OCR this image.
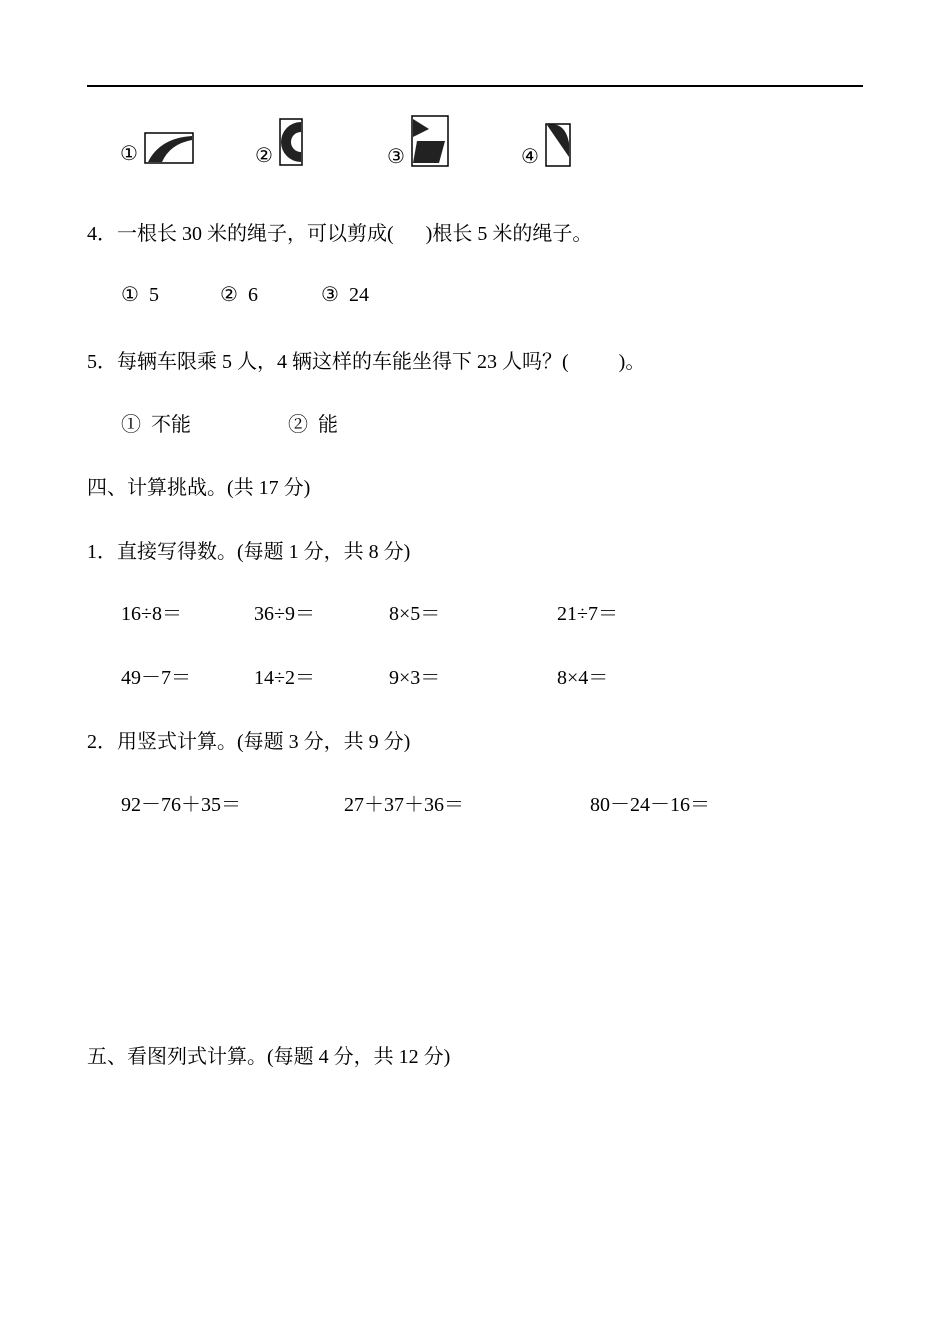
①	②	③	④
4．一根长 30 米的绳子，可以剪成( )根长 5 米的绳子。
① 5	② 6	③ 24
5．每辆车限乘 5 人，4 辆这样的车能坐得下 23 人吗？(	)。
① 不能	② 能
四、计算挑战。(共 17 分)
1．直接写得数。(每题 1 分，共 8 分)
16÷8＝	36÷9＝	8×5＝	21÷7＝
49－7＝	14÷2＝	9×3＝	8×4＝
2．用竖式计算。(每题 3 分，共 9 分)
92－76＋35＝	27＋37＋36＝	80－24－16＝
五、看图列式计算。(每题 4 分，共 12 分)
